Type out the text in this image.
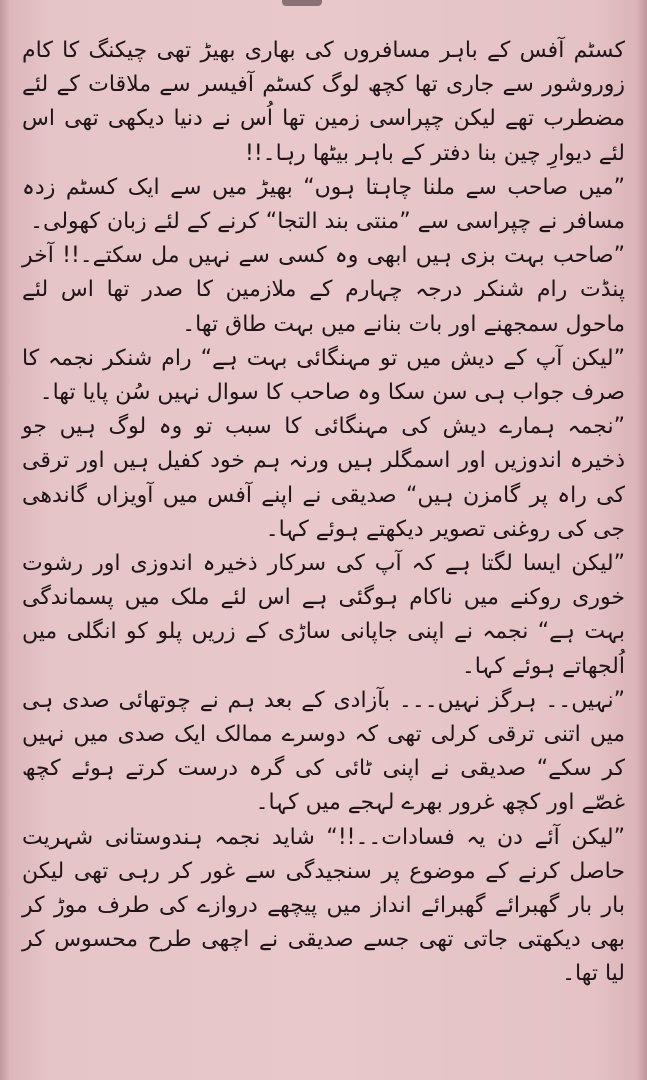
کسٹم آفس کے باہر مسافروں کی بھاری بھیڑ تھی چیکنگ کا کام زوروشور سے جاری تھا کچھ لوگ کسٹم آفیسر سے ملاقات کے لئے مضطرب تھے لیکن چپراسی زمین تھا اُس نے دنیا دیکھی تھی اس لئے دیوارِ چین بنا دفتر کے باہر بیٹھا رہا۔!!

”میں صاحب سے ملنا چاہتا ہوں“ بھیڑ میں سے ایک کسٹم زدہ مسافر نے چپراسی سے ”منتی بند التجا“ کرنے کے لئے زبان کھولی۔

”صاحب بہت بزی ہیں ابھی وہ کسی سے نہیں مل سکتے۔!! آخر پنڈت رام شنکر درجہ چہارم کے ملازمین کا صدر تھا اس لئے ماحول سمجھنے اور بات بنانے میں بہت طاق تھا۔

”لیکن آپ کے دیش میں تو مہنگائی بہت ہے“ رام شنکر نجمہ کا صرف جواب ہی سن سکا وہ صاحب کا سوال نہیں سُن پایا تھا۔

”نجمہ ہمارے دیش کی مہنگائی کا سبب تو وہ لوگ ہیں جو ذخیرہ اندوزیں اور اسمگلر ہیں ورنہ ہم خود کفیل ہیں اور ترقی کی راہ پر گامزن ہیں“ صدیقی نے اپنے آفس میں آویزاں گاندھی جی کی روغنی تصویر دیکھتے ہوئے کہا۔

”لیکن ایسا لگتا ہے کہ آپ کی سرکار ذخیرہ اندوزی اور رشوت خوری روکنے میں ناکام ہوگئی ہے اس لئے ملک میں پسماندگی بہت ہے“ نجمہ نے اپنی جاپانی ساڑی کے زریں پلو کو انگلی میں اُلجھاتے ہوئے کہا۔

”نہیں۔۔ ہرگز نہیں۔۔۔ بآزادی کے بعد ہم نے چوتھائی صدی ہی میں اتنی ترقی کرلی تھی کہ دوسرے ممالک ایک صدی میں نہیں کر سکے“ صدیقی نے اپنی ٹائی کی گرہ درست کرتے ہوئے کچھ غصّے اور کچھ غرور بھرے لہجے میں کہا۔

”لیکن آئے دن یہ فسادات۔۔!!“ شاید نجمہ ہندوستانی شہریت حاصل کرنے کے موضوع پر سنجیدگی سے غور کر رہی تھی لیکن بار بار گھبرائے گھبرائے انداز میں پیچھے دروازے کی طرف موڑ کر بھی دیکھتی جاتی تھی جسے صدیقی نے اچھی طرح محسوس کر لیا تھا۔
